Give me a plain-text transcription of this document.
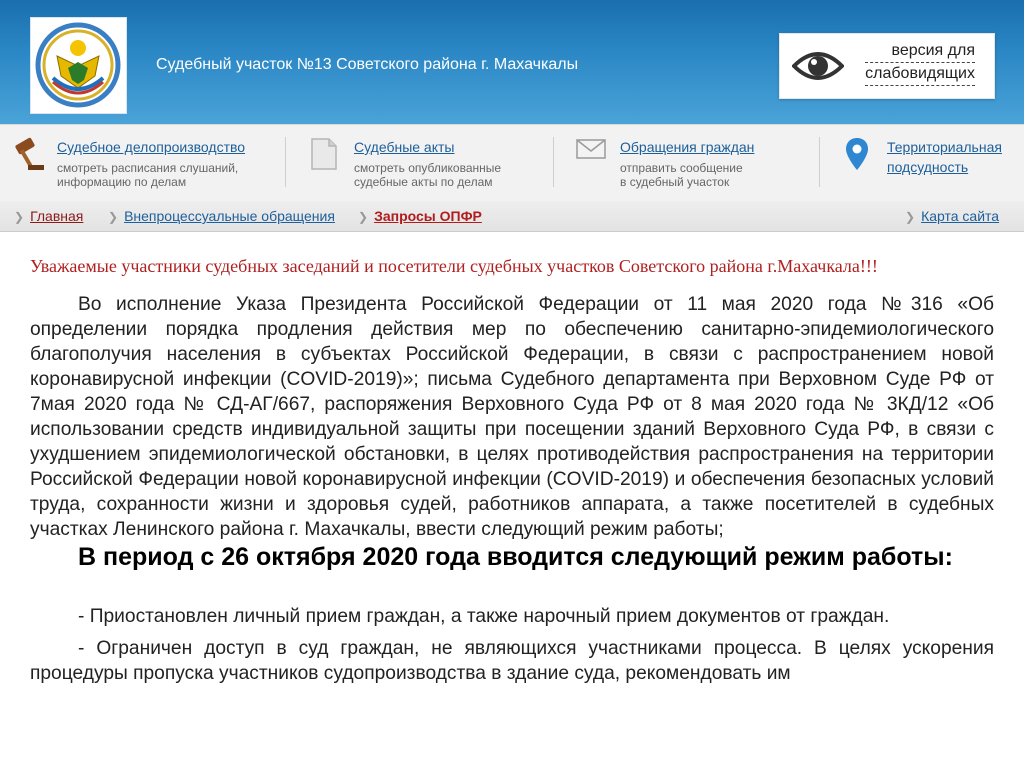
Судебный участок №13 Советского района г. Махачкалы
версия для
слабовидящих
Судебное делопроизводство
смотреть расписания слушаний,
информацию по делам
Судебные акты
смотреть опубликованные
судебные акты по делам
Обращения граждан
отправить сообщение
в судебный участок
Территориальная
подсудность
❯ Главная ❯ Внепроцессуальные обращения ❯ Запросы ОПФР	❯ Карта сайта
Уважаемые участники судебных заседаний и посетители судебных участков Советского района г.Махачкала!!!
Во исполнение Указа Президента Российской Федерации от 11 мая 2020 года №316 «Об определении порядка продления действия мер по обеспечению санитарно-эпидемиологического благополучия населения в субъектах Российской Федерации, в связи с распространением новой коронавирусной инфекции (COVID-2019)»; письма Судебного департамента при Верховном Суде РФ от 7мая 2020 года № СД-АГ/667, распоряжения Верховного Суда РФ от 8 мая 2020 года № 3КД/12 «Об использовании средств индивидуальной защиты при посещении зданий Верховного Суда РФ, в связи с ухудшением эпидемиологической обстановки, в целях противодействия распространения на территории Российской Федерации новой коронавирусной инфекции (COVID-2019) и обеспечения безопасных условий труда, сохранности жизни и здоровья судей, работников аппарата, а также посетителей в судебных участках Ленинского района г. Махачкалы, ввести следующий режим работы;
В период с 26 октября 2020 года вводится следующий режим работы:
- Приостановлен личный прием граждан, а также нарочный прием документов от граждан.
- Ограничен доступ в суд граждан, не являющихся участниками процесса. В целях ускорения процедуры пропуска участников судопроизводства в здание суда, рекомендовать им
